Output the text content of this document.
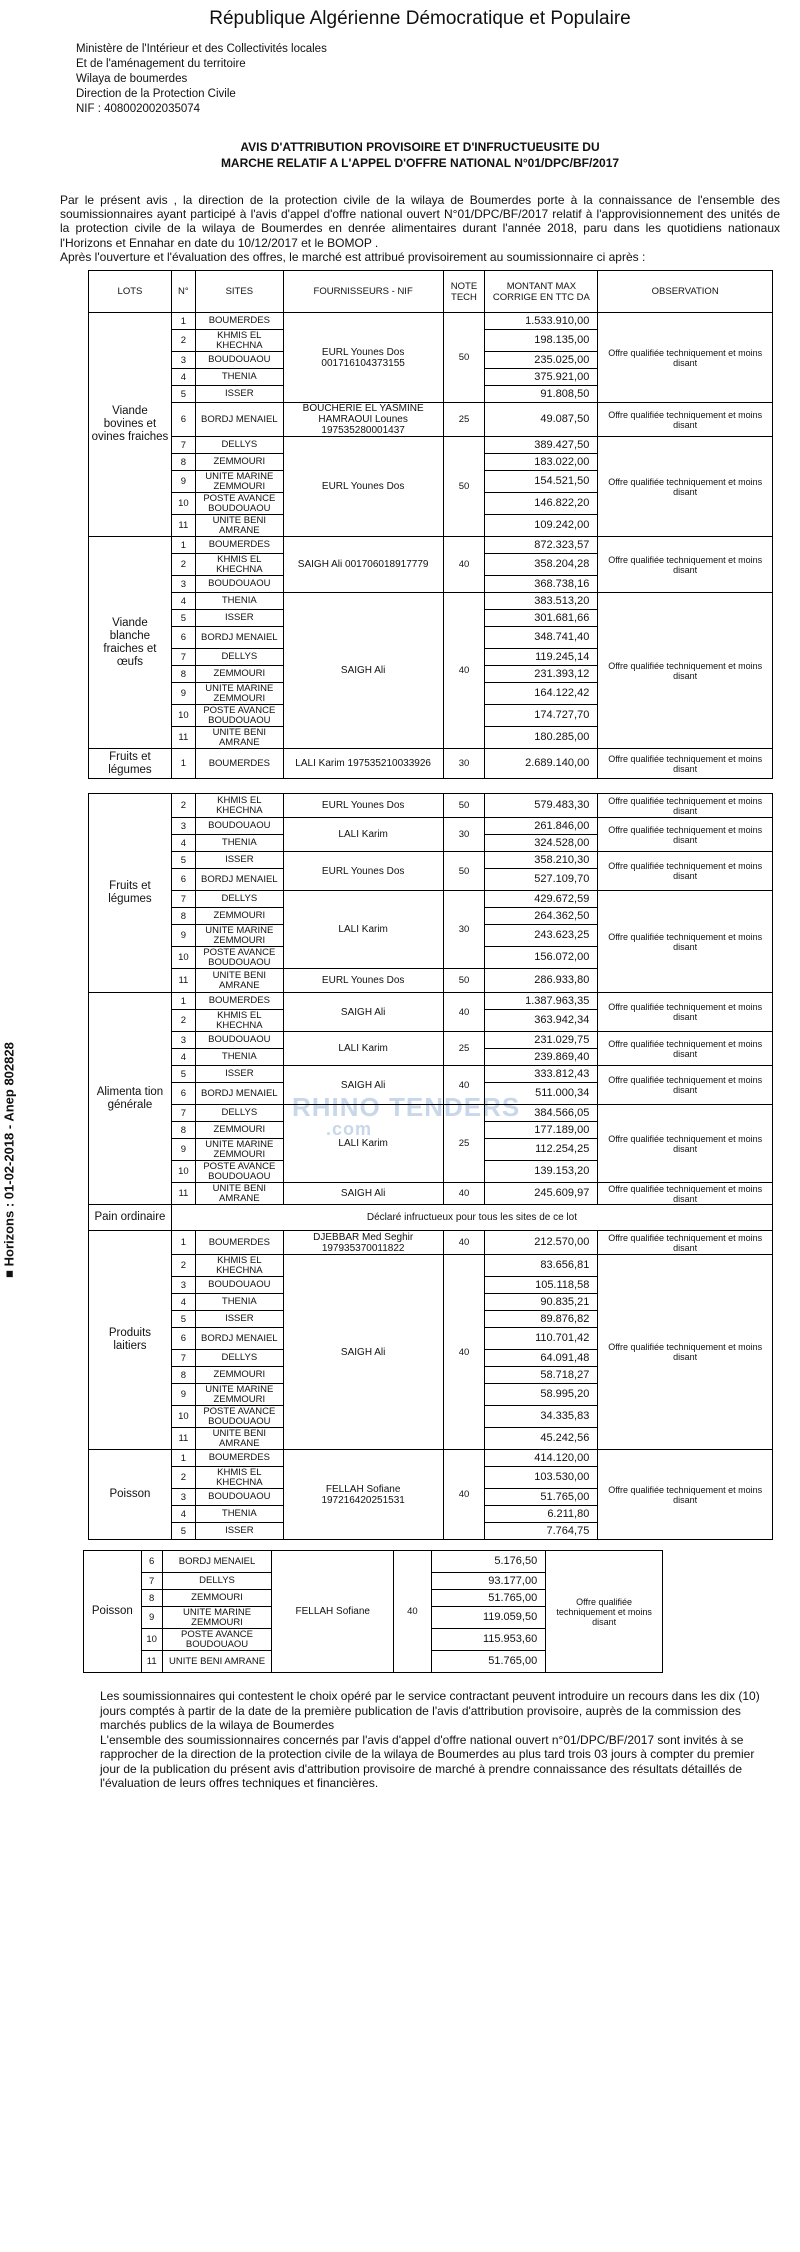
■ Horizons : 01-02-2018 - Anep 802828	RHINO TENDERS
.com
République Algérienne Démocratique et Populaire
Ministère de l'Intérieur et des Collectivités locales
Et de l'aménagement du territoire
Wilaya de boumerdes
Direction de la Protection Civile
NIF : 408002002035074
AVIS D'ATTRIBUTION PROVISOIRE ET D'INFRUCTUEUSITE DU
MARCHE RELATIF A L'APPEL D'OFFRE NATIONAL N°01/DPC/BF/2017
Par le présent avis , la direction de la protection civile de la wilaya de Boumerdes porte à la connaissance de l'ensemble des soumissionnaires ayant participé à l'avis d'appel d'offre national ouvert N°01/DPC/BF/2017 relatif à l'approvisionnement des unités de la protection civile de la wilaya de Boumerdes en denrée alimentaires durant l'année 2018, paru dans les quotidiens nationaux l'Horizons et Ennahar en date du 10/12/2017 et le BOMOP .
Après l'ouverture et l'évaluation des offres, le marché est attribué provisoirement au soumissionnaire ci après :
LOTS	N°	SITES	FOURNISSEURS - NIF	NOTE TECH	MONTANT MAX CORRIGE EN TTC DA	OBSERVATION
Viande bovines et ovines fraiches	1	BOUMERDES	EURL Younes Dos 001716104373155	50	1.533.910,00	Offre qualifiée techniquement et moins disant
	2	KHMIS EL KHECHNA			198.135,00	
	3	BOUDOUAOU			235.025,00	
	4	THENIA			375.921,00	
	5	ISSER			91.808,50	
	6	BORDJ MENAIEL	BOUCHERIE EL YASMINE HAMRAOUI Lounes 197535280001437	25	49.087,50	Offre qualifiée techniquement et moins disant
	7	DELLYS	EURL Younes Dos	50	389.427,50	Offre qualifiée techniquement et moins disant
	8	ZEMMOURI			183.022,00	
	9	UNITE MARINE ZEMMOURI			154.521,50	
	10	POSTE AVANCE BOUDOUAOU			146.822,20	
	11	UNITE BENI AMRANE			109.242,00	
Viande blanche fraiches et œufs	1	BOUMERDES	SAIGH Ali 001706018917779	40	872.323,57	Offre qualifiée techniquement et moins disant
	2	KHMIS EL KHECHNA			358.204,28	
	3	BOUDOUAOU			368.738,16	
	4	THENIA	SAIGH Ali	40	383.513,20	Offre qualifiée techniquement et moins disant
	5	ISSER			301.681,66	
	6	BORDJ MENAIEL			348.741,40	
	7	DELLYS			119.245,14	
	8	ZEMMOURI			231.393,12	
	9	UNITE MARINE ZEMMOURI			164.122,42	
	10	POSTE AVANCE BOUDOUAOU			174.727,70	
	11	UNITE BENI AMRANE			180.285,00	
Fruits et légumes	1	BOUMERDES	LALI Karim 197535210033926	30	2.689.140,00	Offre qualifiée techniquement et moins disant
Fruits et légumes	2	KHMIS EL KHECHNA	EURL Younes Dos	50	579.483,30	Offre qualifiée techniquement et moins disant
	3	BOUDOUAOU	LALI Karim	30	261.846,00	Offre qualifiée techniquement et moins disant
	4	THENIA			324.528,00	
	5	ISSER	EURL Younes Dos	50	358.210,30	Offre qualifiée techniquement et moins disant
	6	BORDJ MENAIEL			527.109,70	
	7	DELLYS	LALI Karim	30	429.672,59	Offre qualifiée techniquement et moins disant
	8	ZEMMOURI			264.362,50	
	9	UNITE MARINE ZEMMOURI			243.623,25	
	10	POSTE AVANCE BOUDOUAOU			156.072,00	
	11	UNITE BENI AMRANE	EURL Younes Dos	50	286.933,80	
Alimenta tion générale	1	BOUMERDES	SAIGH Ali	40	1.387.963,35	Offre qualifiée techniquement et moins disant
	2	KHMIS EL KHECHNA			363.942,34	
	3	BOUDOUAOU	LALI Karim	25	231.029,75	Offre qualifiée techniquement et moins disant
	4	THENIA			239.869,40	
	5	ISSER	SAIGH Ali	40	333.812,43	Offre qualifiée techniquement et moins disant
	6	BORDJ MENAIEL			511.000,34	
	7	DELLYS	LALI Karim	25	384.566,05	Offre qualifiée techniquement et moins disant
	8	ZEMMOURI			177.189,00	
	9	UNITE MARINE ZEMMOURI			112.254,25	
	10	POSTE AVANCE BOUDOUAOU			139.153,20	
	11	UNITE BENI AMRANE	SAIGH Ali	40	245.609,97	Offre qualifiée techniquement et moins disant
Pain ordinaire	Déclaré infructueux pour tous les sites de ce lot					
Produits laitiers	1	BOUMERDES	DJEBBAR Med Seghir 197935370011822	40	212.570,00	Offre qualifiée techniquement et moins disant
	2	KHMIS EL KHECHNA	SAIGH Ali	40	83.656,81	Offre qualifiée techniquement et moins disant
	3	BOUDOUAOU			105.118,58	
	4	THENIA			90.835,21	
	5	ISSER			89.876,82	
	6	BORDJ MENAIEL			110.701,42	
	7	DELLYS			64.091,48	
	8	ZEMMOURI			58.718,27	
	9	UNITE MARINE ZEMMOURI			58.995,20	
	10	POSTE AVANCE BOUDOUAOU			34.335,83	
	11	UNITE BENI AMRANE			45.242,56	
Poisson	1	BOUMERDES	FELLAH Sofiane 197216420251531	40	414.120,00	Offre qualifiée techniquement et moins disant
	2	KHMIS EL KHECHNA			103.530,00	
	3	BOUDOUAOU			51.765,00	
	4	THENIA			6.211,80	
	5	ISSER			7.764,75	
Poisson	6	BORDJ MENAIEL	FELLAH Sofiane	40	5.176,50	Offre qualifiée techniquement et moins disant
	7	DELLYS			93.177,00	
	8	ZEMMOURI			51.765,00	
	9	UNITE MARINE ZEMMOURI			119.059,50	
	10	POSTE AVANCE BOUDOUAOU			115.953,60	
	11	UNITE BENI AMRANE			51.765,00	

Les soumissionnaires qui contestent le choix opéré par le service contractant peuvent introduire un recours dans les dix (10) jours comptés à partir de la date de la première publication de l'avis d'attribution provisoire, auprès de la commission des marchés publics de la wilaya de Boumerdes

L'ensemble des soumissionnaires concernés par l'avis d'appel d'offre national ouvert n°01/DPC/BF/2017 sont invités à se rapprocher de la direction de la protection civile de la wilaya de Boumerdes au plus tard trois 03 jours à compter du premier jour de la publication du présent avis d'attribution provisoire de marché à prendre connaissance des résultats détaillés de l'évaluation de leurs offres techniques et financières.
